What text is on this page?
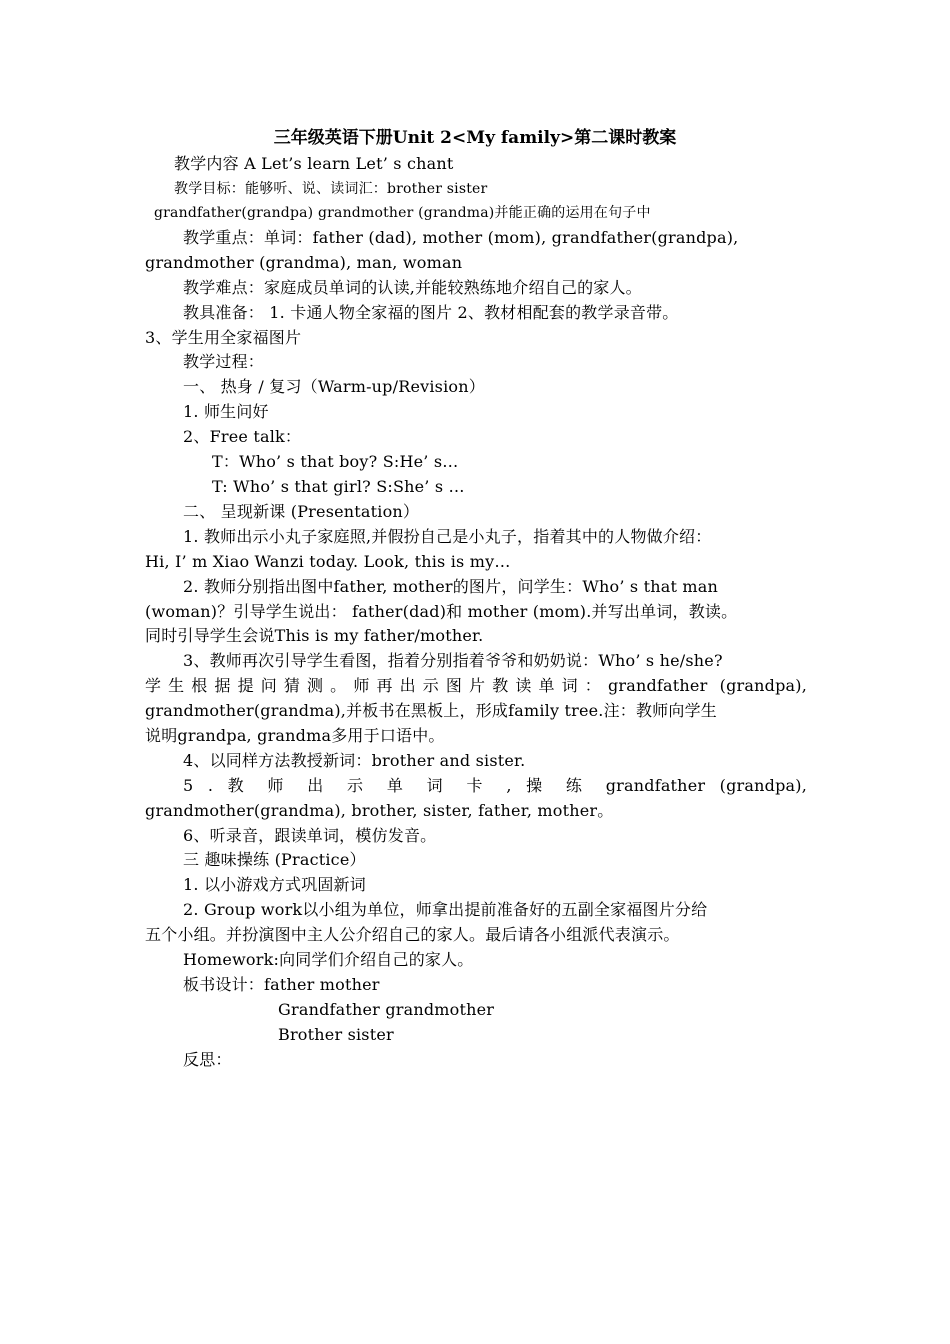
三年级英语下册Unit 2<My family>第二课时教案
教学内容 A Let’s learn Let’ s chant
教学目标：能够听、说、读词汇：brother sister
grandfather(grandpa) grandmother (grandma)并能正确的运用在句子中
教学重点：单词：father (dad), mother (mom), grandfather(grandpa),
grandmother (grandma), man, woman
教学难点：家庭成员单词的认读,并能较熟练地介绍自己的家人。
教具准备： 1. 卡通人物全家福的图片 2、教材相配套的教学录音带。
3、学生用全家福图片
教学过程：
一、 热身 / 复习（Warm-up/Revision）
1. 师生问好
2、Free talk：
T：Who’ s that boy? S:He’ s…
T: Who’ s that girl? S:She’ s …
二、 呈现新课 (Presentation）
1. 教师出示小丸子家庭照,并假扮自己是小丸子，指着其中的人物做介绍：
Hi, I’ m Xiao Wanzi today. Look, this is my…
2. 教师分别指出图中father, mother的图片，问学生：Who’ s that man
(woman)？引导学生说出： father(dad)和 mother (mom).并写出单词，教读。
同时引导学生会说This is my father/mother.
3、教师再次引导学生看图，指着分别指着爷爷和奶奶说：Who’ s he/she?
学生根据提问猜测。师再出示图片教读单词：grandfather (grandpa),
grandmother(grandma),并板书在黑板上，形成family tree.注：教师向学生
说明grandpa, grandma多用于口语中。
4、以同样方法教授新词：brother and sister.
5 . 教 师 出 示 单 词 卡 , 操 练 grandfather (grandpa),
grandmother(grandma), brother, sister, father, mother。
6、听录音，跟读单词，模仿发音。
三 趣味操练 (Practice）
1. 以小游戏方式巩固新词
2. Group work以小组为单位，师拿出提前准备好的五副全家福图片分给
五个小组。并扮演图中主人公介绍自己的家人。最后请各小组派代表演示。
Homework:向同学们介绍自己的家人。
板书设计：father mother
Grandfather grandmother
Brother sister
反思：
